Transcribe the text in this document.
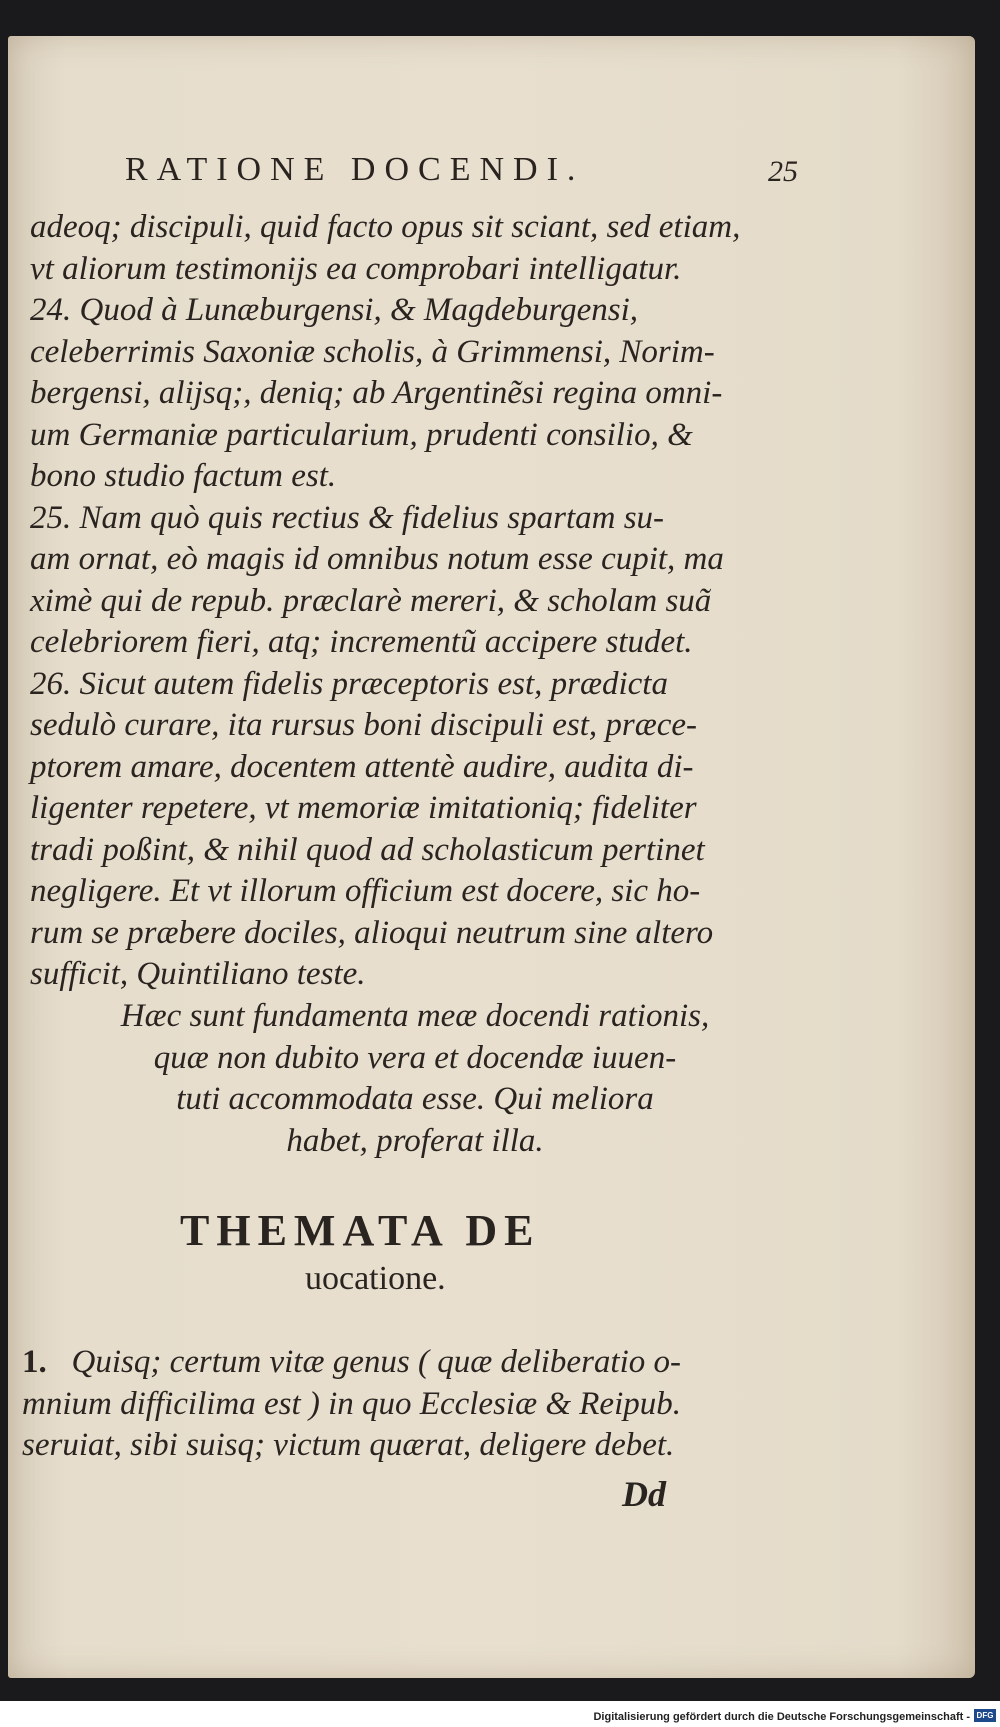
RATIONE DOCENDI.	25
adeoq; discipuli, quid facto opus sit sciant, sed etiam,
vt aliorum testimonijs ea comprobari intelligatur.
24. Quod à Lunæburgensi, & Magdeburgensi,
celeberrimis Saxoniæ scholis, à Grimmensi, Norim-
bergensi, alijsq;, deniq; ab Argentinẽsi regina omni-
um Germaniæ particularium, prudenti consilio, &
bono studio factum est.
25. Nam quò quis rectius & fidelius spartam su-
am ornat, eò magis id omnibus notum esse cupit, ma
ximè qui de repub. præclarè mereri, & scholam suã
celebriorem fieri, atq; incrementũ accipere studet.
26. Sicut autem fidelis præceptoris est, prædicta
sedulò curare, ita rursus boni discipuli est, præce-
ptorem amare, docentem attentè audire, audita di-
ligenter repetere, vt memoriæ imitationiq; fideliter
tradi poßint, & nihil quod ad scholasticum pertinet
negligere. Et vt illorum officium est docere, sic ho-
rum se præbere dociles, alioqui neutrum sine altero
sufficit, Quintiliano teste.
Hæc sunt fundamenta meæ docendi rationis,
quæ non dubito vera et docendæ iuuen-
tuti accommodata esse. Qui meliora
habet, proferat illa.
THEMATA DE
uocatione.
1. Quisq; certum vitæ genus ( quæ deliberatio o-
mnium difficilima est ) in quo Ecclesiæ & Reipub.
seruiat, sibi suisq; victum quærat, deligere debet.
Dd
Digitalisierung gefördert durch die Deutsche Forschungsgemeinschaft - DFG
